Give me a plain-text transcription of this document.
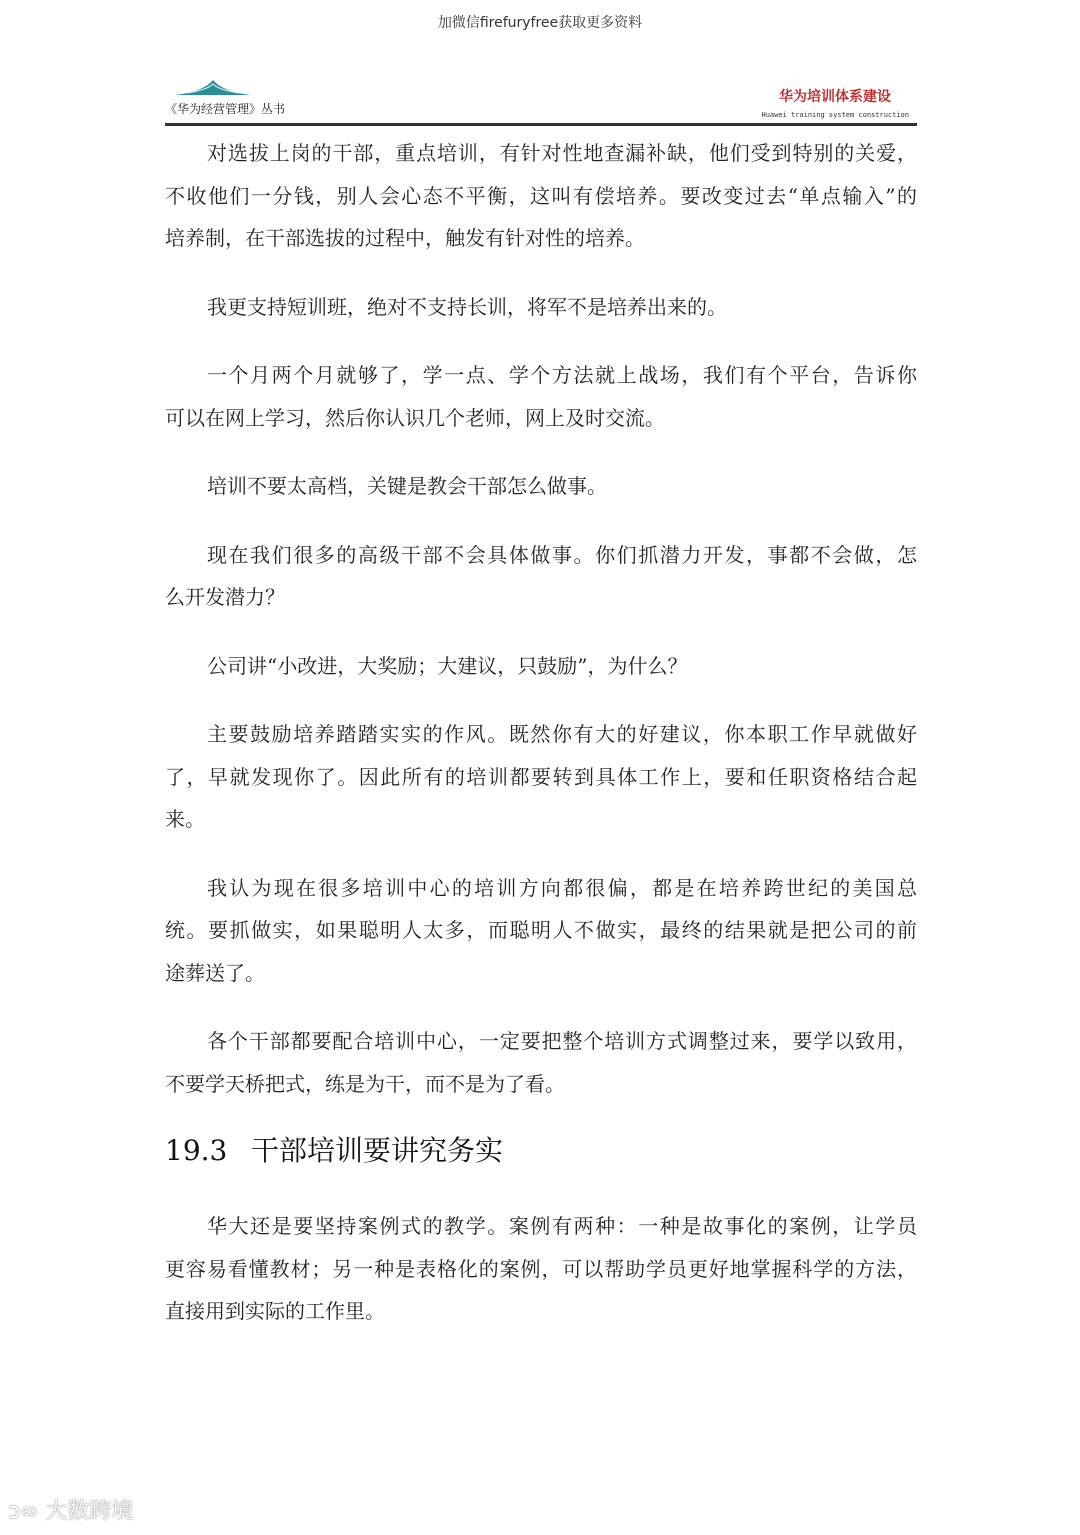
加微信firefuryfree获取更多资料
《华为经营管理》丛书
华为培训体系建设
Huawei training system construction
对选拔上岗的干部，重点培训，有针对性地查漏补缺，他们受到特别的关爱，
不收他们一分钱，别人会心态不平衡，这叫有偿培养。要改变过去“单点输入”的
培养制，在干部选拔的过程中，触发有针对性的培养。
我更支持短训班，绝对不支持长训，将军不是培养出来的。
一个月两个月就够了，学一点、学个方法就上战场，我们有个平台，告诉你
可以在网上学习，然后你认识几个老师，网上及时交流。
培训不要太高档，关键是教会干部怎么做事。
现在我们很多的高级干部不会具体做事。你们抓潜力开发，事都不会做，怎
么开发潜力？
公司讲“小改进，大奖励；大建议，只鼓励”，为什么？
主要鼓励培养踏踏实实的作风。既然你有大的好建议，你本职工作早就做好
了，早就发现你了。因此所有的培训都要转到具体工作上，要和任职资格结合起
来。
我认为现在很多培训中心的培训方向都很偏，都是在培养跨世纪的美国总
统。要抓做实，如果聪明人太多，而聪明人不做实，最终的结果就是把公司的前
途葬送了。
各个干部都要配合培训中心，一定要把整个培训方式调整过来，要学以致用，
不要学天桥把式，练是为干，而不是为了看。
19.3 干部培训要讲究务实
华大还是要坚持案例式的教学。案例有两种：一种是故事化的案例，让学员
更容易看懂教材；另一种是表格化的案例，可以帮助学员更好地掌握科学的方法，
直接用到实际的工作里。
ↄ∞ 大数跨境
